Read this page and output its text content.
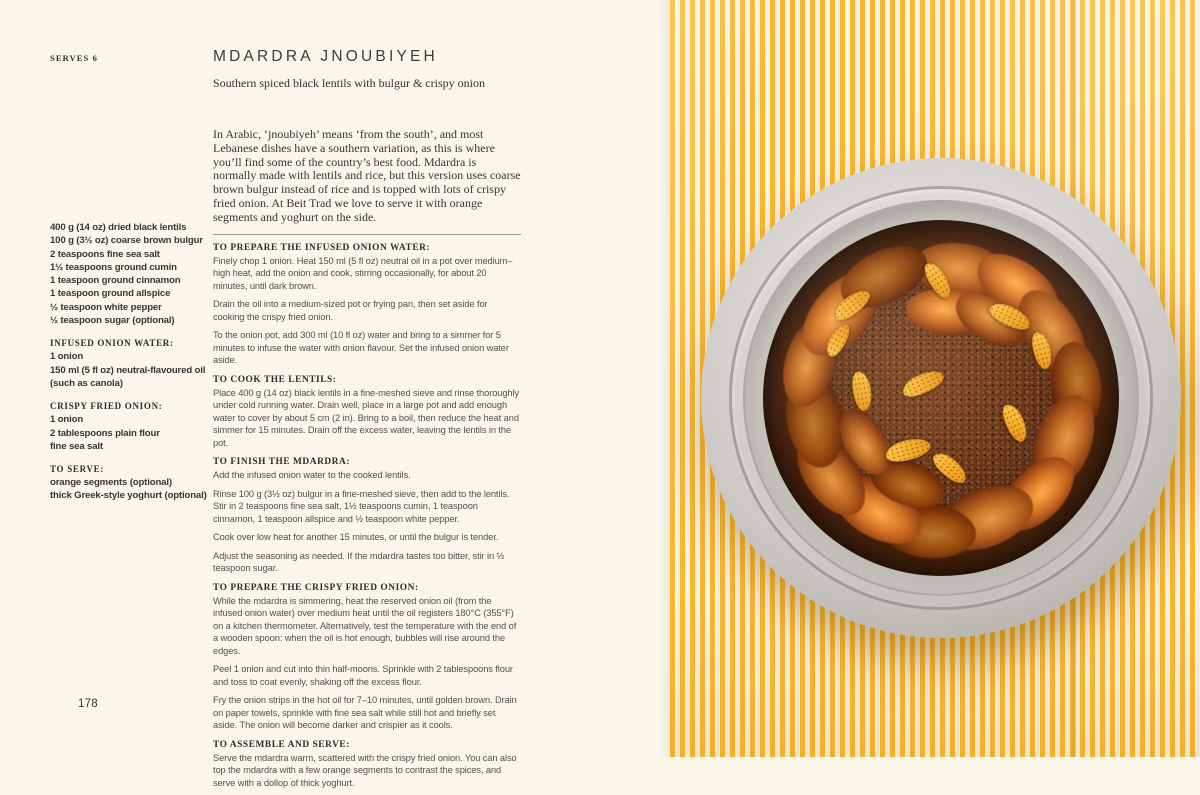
SERVES 6
400 g (14 oz) dried black lentils
100 g (3½ oz) coarse brown bulgur
2 teaspoons fine sea salt
1½ teaspoons ground cumin
1 teaspoon ground cinnamon
1 teaspoon ground allspice
½ teaspoon white pepper
½ teaspoon sugar (optional)
INFUSED ONION WATER:
1 onion
150 ml (5 fl oz) neutral-flavoured oil (such as canola)
CRISPY FRIED ONION:
1 onion
2 tablespoons plain flour
fine sea salt
TO SERVE:
orange segments (optional)
thick Greek-style yoghurt (optional)
MDARDRA JNOUBIYEH
Southern spiced black lentils with bulgur & crispy onion

In Arabic, ‘jnoubiyeh’ means ‘from the south’, and most Lebanese dishes have a southern variation, as this is where you’ll find some of the country’s best food. Mdardra is normally made with lentils and rice, but this version uses coarse brown bulgur instead of rice and is topped with lots of crispy fried onion. At Beit Trad we love to serve it with orange segments and yoghurt on the side.

TO PREPARE THE INFUSED ONION WATER:

Finely chop 1 onion. Heat 150 ml (5 fl oz) neutral oil in a pot over medium–high heat, add the onion and cook, stirring occasionally, for about 20 minutes, until dark brown.

Drain the oil into a medium-sized pot or frying pan, then set aside for cooking the crispy fried onion.

To the onion pot, add 300 ml (10 fl oz) water and bring to a simmer for 5 minutes to infuse the water with onion flavour. Set the infused onion water aside.

TO COOK THE LENTILS:

Place 400 g (14 oz) black lentils in a fine-meshed sieve and rinse thoroughly under cold running water. Drain well, place in a large pot and add enough water to cover by about 5 cm (2 in). Bring to a boil, then reduce the heat and simmer for 15 minutes. Drain off the excess water, leaving the lentils in the pot.

TO FINISH THE MDARDRA:

Add the infused onion water to the cooked lentils.

Rinse 100 g (3½ oz) bulgur in a fine-meshed sieve, then add to the lentils. Stir in 2 teaspoons fine sea salt, 1½ teaspoons cumin, 1 teaspoon cinnamon, 1 teaspoon allspice and ½ teaspoon white pepper.

Cook over low heat for another 15 minutes, or until the bulgur is tender.

Adjust the seasoning as needed. If the mdardra tastes too bitter, stir in ½ teaspoon sugar.

TO PREPARE THE CRISPY FRIED ONION:

While the mdardra is simmering, heat the reserved onion oil (from the infused onion water) over medium heat until the oil registers 180°C (355°F) on a kitchen thermometer. Alternatively, test the temperature with the end of a wooden spoon: when the oil is hot enough, bubbles will rise around the edges.

Peel 1 onion and cut into thin half-moons. Sprinkle with 2 tablespoons flour and toss to coat evenly, shaking off the excess flour.

Fry the onion strips in the hot oil for 7–10 minutes, until golden brown. Drain on paper towels, sprinkle with fine sea salt while still hot and briefly set aside. The onion will become darker and crispier as it cools.

TO ASSEMBLE AND SERVE:

Serve the mdardra warm, scattered with the crispy fried onion. You can also top the mdardra with a few orange segments to contrast the spices, and serve with a dollop of thick yoghurt.

178
